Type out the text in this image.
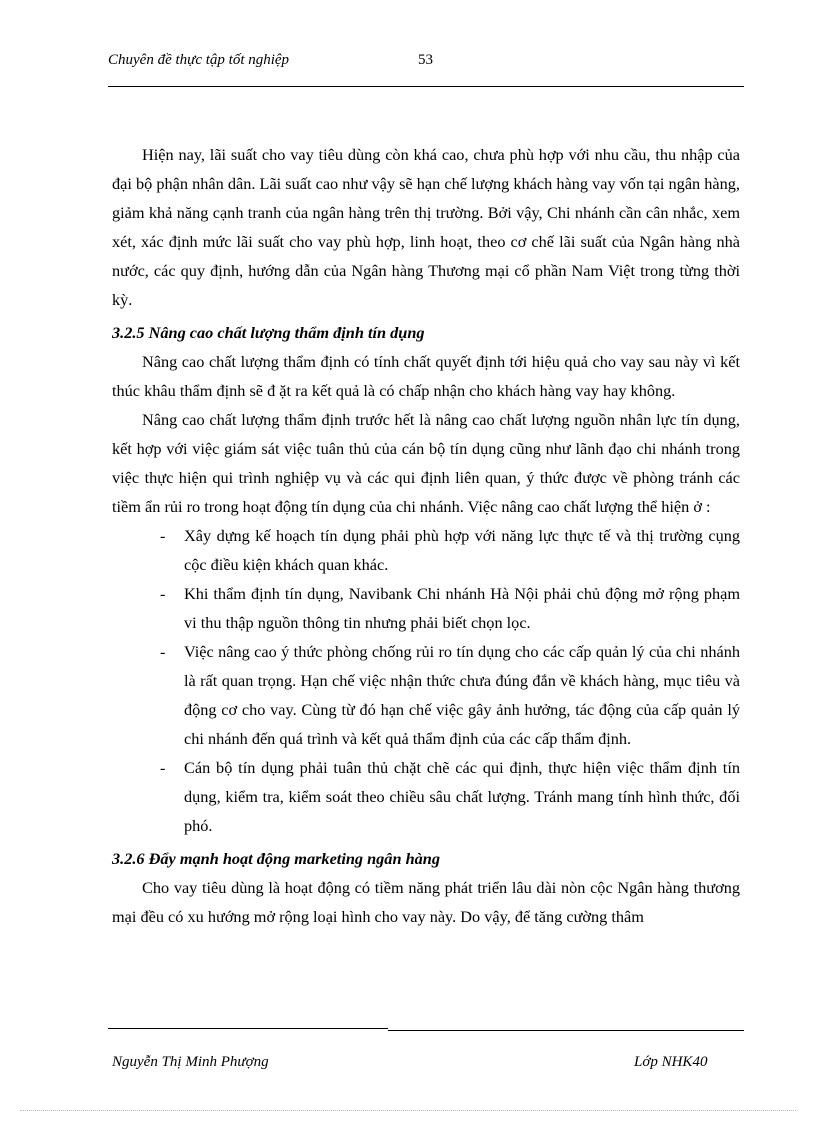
Chuyên đề thực tập tốt nghiệp	53

Hiện nay, lãi suất cho vay tiêu dùng còn khá cao, chưa phù hợp với nhu cầu, thu nhập của đại bộ phận nhân dân. Lãi suất cao như vậy sẽ hạn chế lượng khách hàng vay vốn tại ngân hàng, giảm khả năng cạnh tranh của ngân hàng trên thị trường. Bởi vậy, Chi nhánh cần cân nhắc, xem xét, xác định mức lãi suất cho vay phù hợp, linh hoạt, theo cơ chế lãi suất của Ngân hàng nhà nước, các quy định, hướng dẫn của Ngân hàng Thương mại cổ phần Nam Việt trong từng thời kỳ.

3.2.5 Nâng cao chất lượng thẩm định tín dụng

Nâng cao chất lượng thẩm định có tính chất quyết định tới hiệu quả cho vay sau này vì kết thúc khâu thẩm định sẽ đ ặt ra kết quả là có chấp nhận cho khách hàng vay hay không.

Nâng cao chất lượng thẩm định trước hết là nâng cao chất lượng nguồn nhân lực tín dụng, kết hợp với việc giám sát việc tuân thủ của cán bộ tín dụng cũng như lãnh đạo chi nhánh trong việc thực hiện qui trình nghiệp vụ và các qui định liên quan, ý thức được về phòng tránh các tiềm ẩn rủi ro trong hoạt động tín dụng của chi nhánh. Việc nâng cao chất lượng thể hiện ở :

- Xây dựng kế hoạch tín dụng phải phù hợp với năng lực thực tế và thị trường cụng cộc điều kiện khách quan khác.
- Khi thẩm định tín dụng, Navibank Chi nhánh Hà Nội phải chủ động mở rộng phạm vi thu thập nguồn thông tin nhưng phải biết chọn lọc.
- Việc nâng cao ý thức phòng chống rủi ro tín dụng cho các cấp quản lý của chi nhánh là rất quan trọng. Hạn chế việc nhận thức chưa đúng đắn về khách hàng, mục tiêu và động cơ cho vay. Cùng từ đó hạn chế việc gây ảnh hưởng, tác động của cấp quản lý chi nhánh đến quá trình và kết quả thẩm định của các cấp thẩm định.
- Cán bộ tín dụng phải tuân thủ chặt chẽ các qui định, thực hiện việc thẩm định tín dụng, kiểm tra, kiểm soát theo chiều sâu chất lượng. Tránh mang tính hình thức, đối phó.
3.2.6 Đẩy mạnh hoạt động marketing ngân hàng

Cho vay tiêu dùng là hoạt động có tiềm năng phát triển lâu dài nòn cộc Ngân hàng thương mại đều có xu hướng mở rộng loại hình cho vay này. Do vậy, để tăng cường thâm

Nguyễn Thị Minh Phượng	Lớp NHK40
